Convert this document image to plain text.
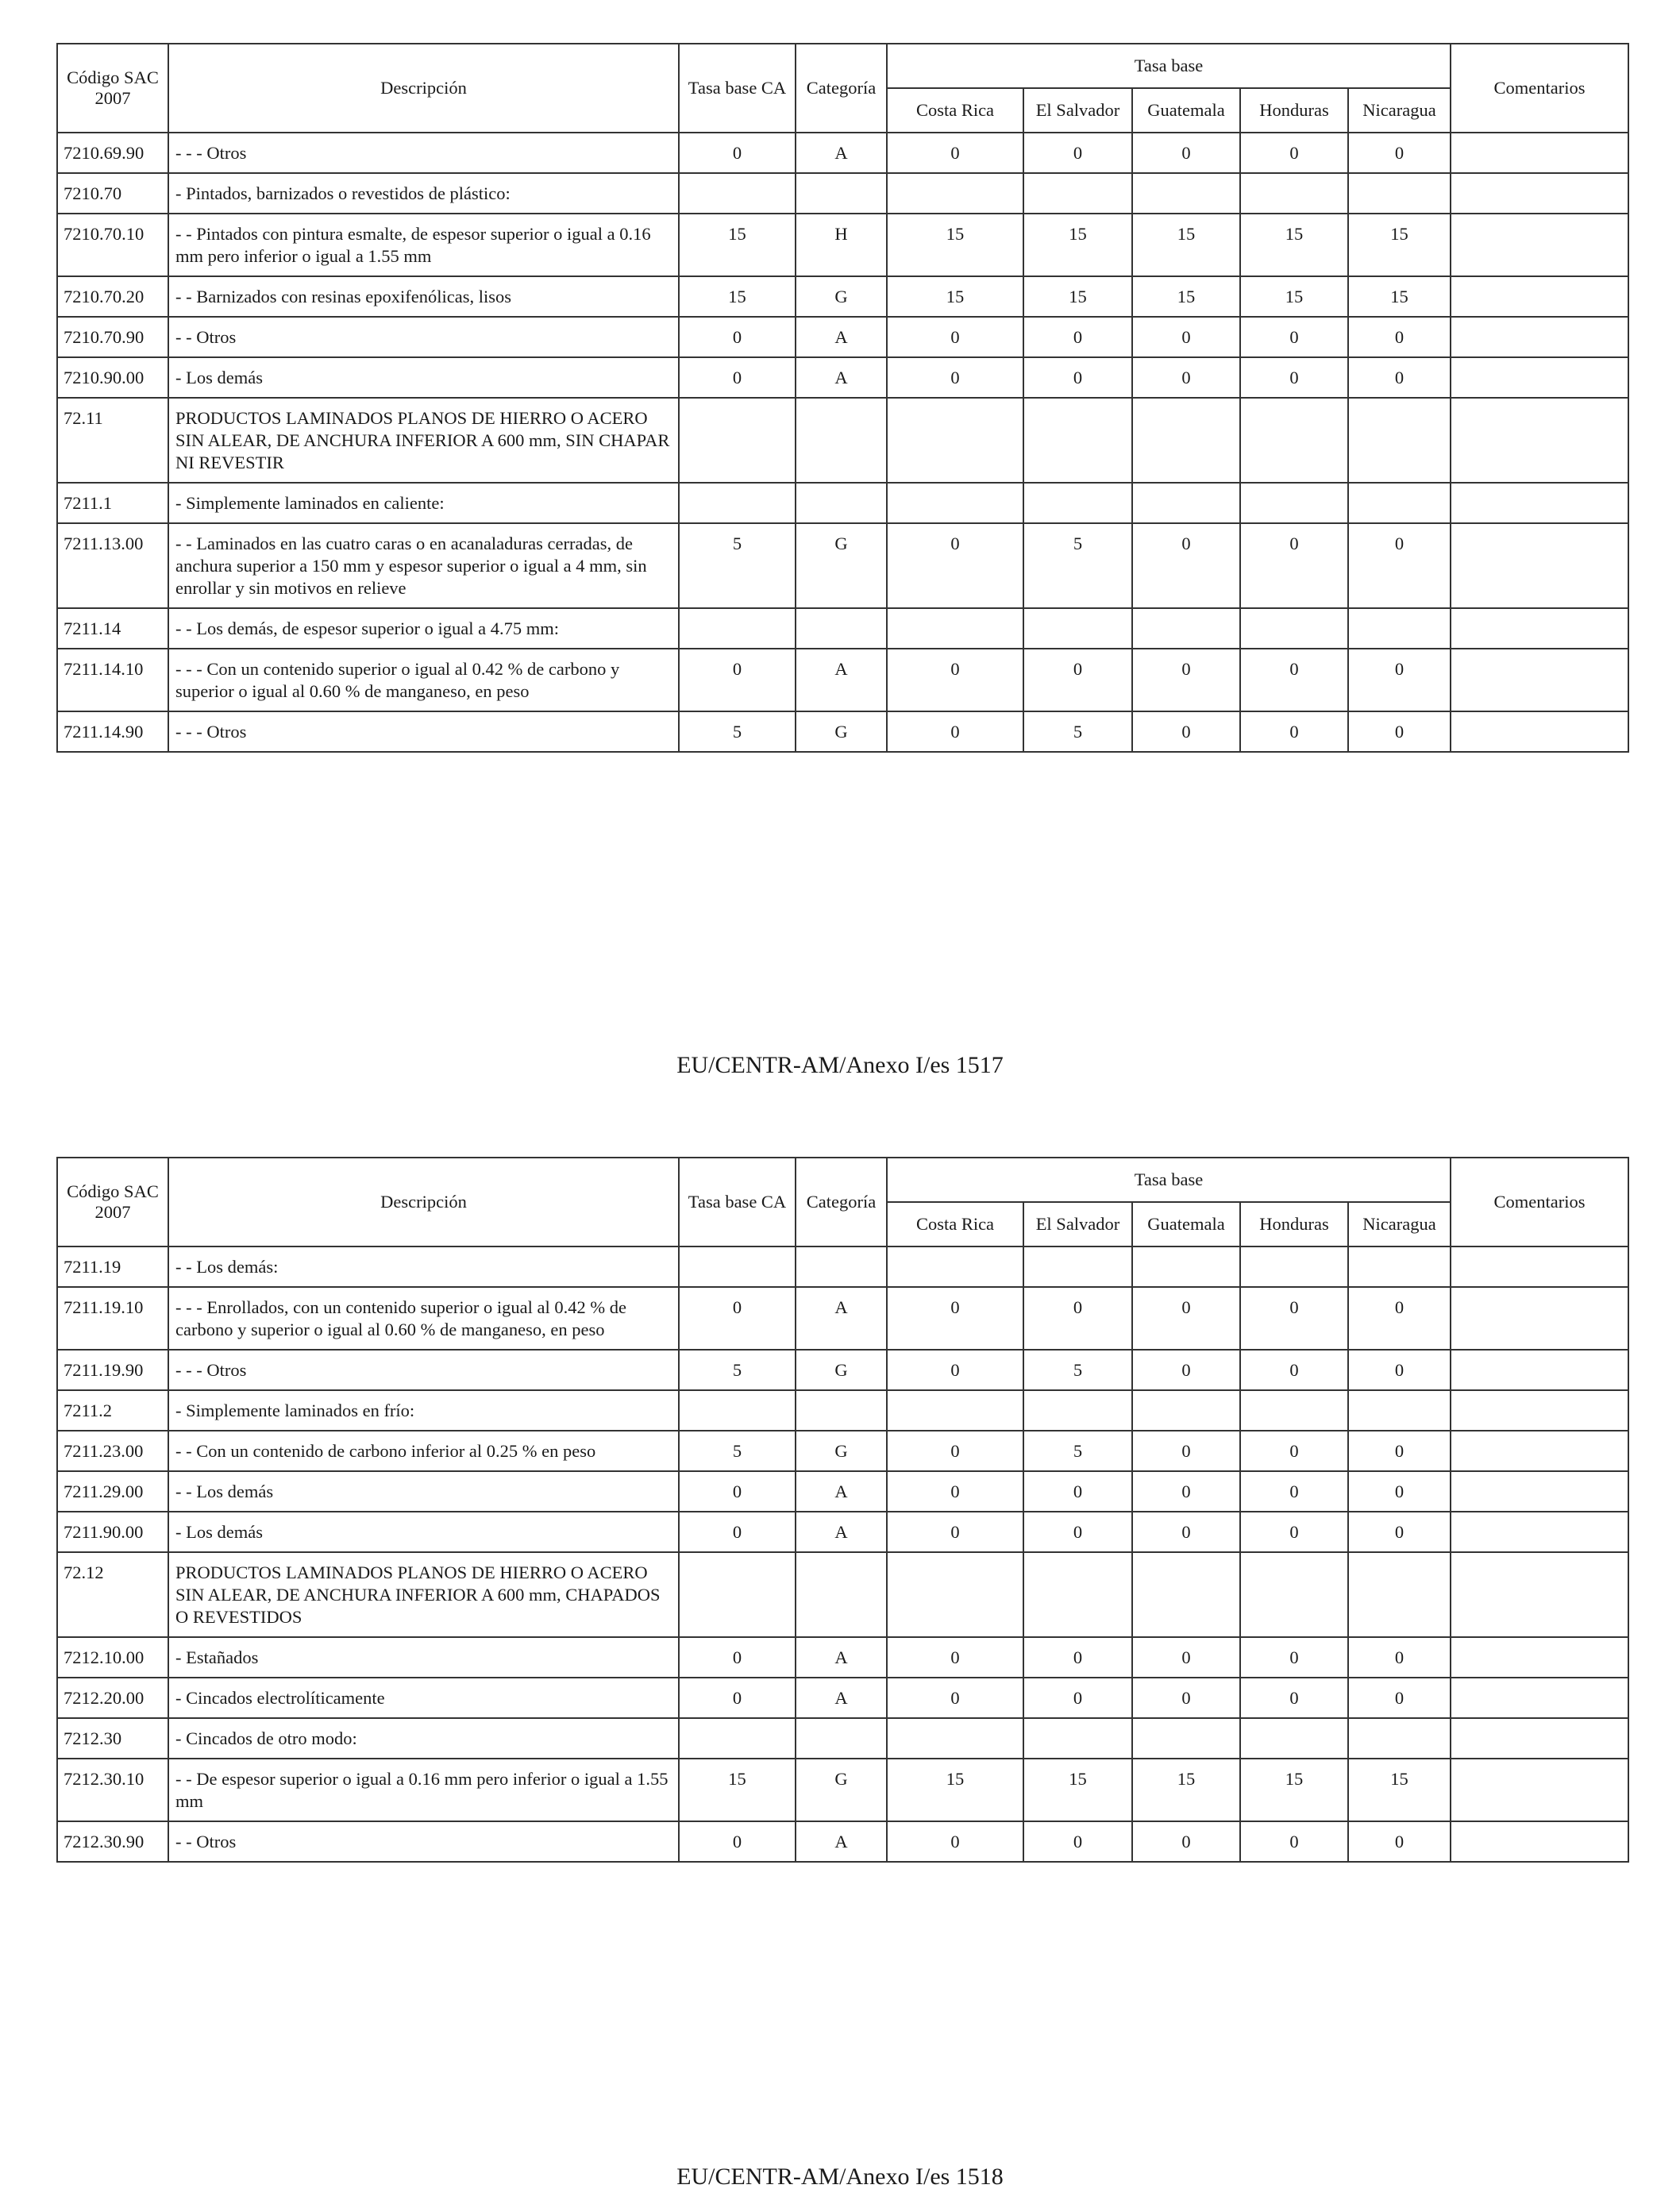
Código SAC 2007	Descripción	Tasa base CA	Categoría	Tasa base					Comentarios
				Costa Rica	El Salvador	Guatemala	Honduras	Nicaragua	
7210.69.90	- - - Otros	0	A	0	0	0	0	0	
7210.70	- Pintados, barnizados o revestidos de plástico:								
7210.70.10	- - Pintados con pintura esmalte, de espesor superior o igual a 0.16 mm pero inferior o igual a 1.55 mm	15	H	15	15	15	15	15	
7210.70.20	- - Barnizados con resinas epoxifenólicas, lisos	15	G	15	15	15	15	15	
7210.70.90	- - Otros	0	A	0	0	0	0	0	
7210.90.00	- Los demás	0	A	0	0	0	0	0	
72.11	PRODUCTOS LAMINADOS PLANOS DE HIERRO O ACERO SIN ALEAR, DE ANCHURA INFERIOR A 600 mm, SIN CHAPAR NI REVESTIR								
7211.1	- Simplemente laminados en caliente:								
7211.13.00	- - Laminados en las cuatro caras o en acanaladuras cerradas, de anchura superior a 150 mm y espesor superior o igual a 4 mm, sin enrollar y sin motivos en relieve	5	G	0	5	0	0	0	
7211.14	- - Los demás, de espesor superior o igual a 4.75 mm:								
7211.14.10	- - - Con un contenido superior o igual al 0.42 % de carbono y superior o igual al 0.60 % de manganeso, en peso	0	A	0	0	0	0	0	
7211.14.90	- - - Otros	5	G	0	5	0	0	0	
EU/CENTR-AM/Anexo I/es 1517
Código SAC 2007	Descripción	Tasa base CA	Categoría	Tasa base					Comentarios
				Costa Rica	El Salvador	Guatemala	Honduras	Nicaragua	
7211.19	- - Los demás:								
7211.19.10	- - - Enrollados, con un contenido superior o igual al 0.42 % de carbono y superior o igual al 0.60 % de manganeso, en peso	0	A	0	0	0	0	0	
7211.19.90	- - - Otros	5	G	0	5	0	0	0	
7211.2	- Simplemente laminados en frío:								
7211.23.00	- - Con un contenido de carbono inferior al 0.25 % en peso	5	G	0	5	0	0	0	
7211.29.00	- - Los demás	0	A	0	0	0	0	0	
7211.90.00	- Los demás	0	A	0	0	0	0	0	
72.12	PRODUCTOS LAMINADOS PLANOS DE HIERRO O ACERO SIN ALEAR, DE ANCHURA INFERIOR A 600 mm, CHAPADOS O REVESTIDOS								
7212.10.00	- Estañados	0	A	0	0	0	0	0	
7212.20.00	- Cincados electrolíticamente	0	A	0	0	0	0	0	
7212.30	- Cincados de otro modo:								
7212.30.10	- - De espesor superior o igual a 0.16 mm pero inferior o igual a 1.55 mm	15	G	15	15	15	15	15	
7212.30.90	- - Otros	0	A	0	0	0	0	0	
EU/CENTR-AM/Anexo I/es 1518
